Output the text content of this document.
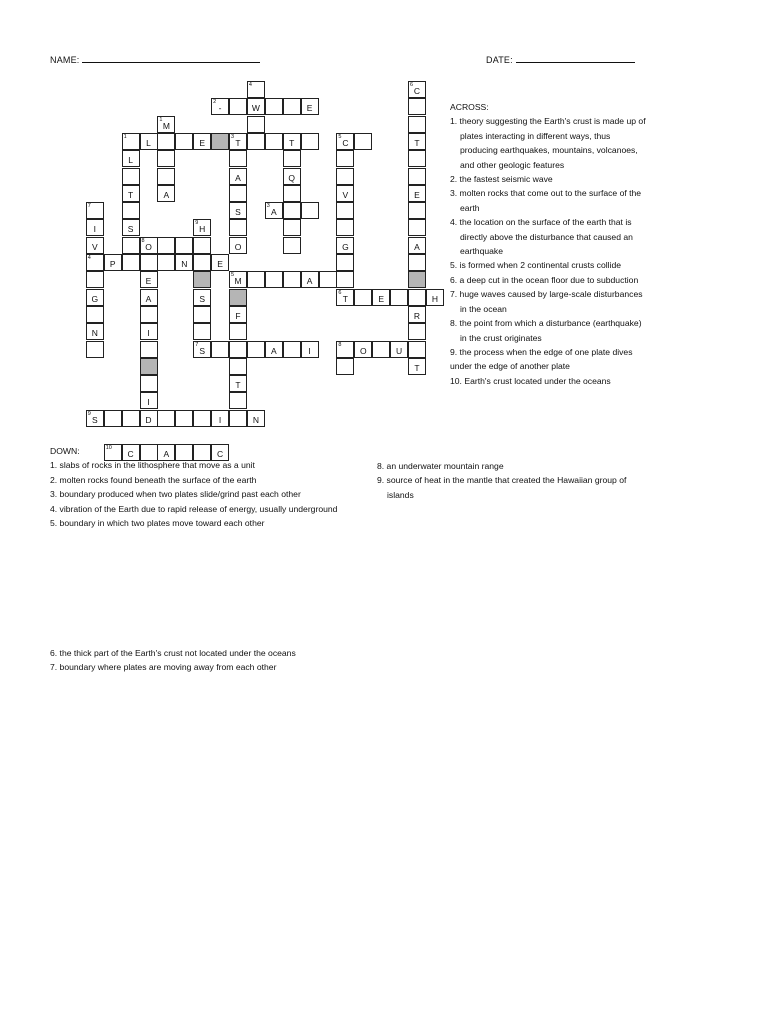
NAME:	DATE:
4	6
C
2
-	W	E
1
M
1
L	E
3
T	T
5
C	T
L
A	Q
T	A	V	E
7
S
3
A
I	S
9
H
V
8
O	O	G	A
4
P	N	E
E
5
M	A
G	A	S
6
T	E	H
F	R
N	I
7
S	A	I
8
O	U
T
T
I
9
S	D	I	N
10
C	A	C
ACROSS:
1. theory suggesting the Earth's crust is made up of
plates interacting in different ways, thus
producing earthquakes, mountains, volcanoes,
and other geologic features
2. the fastest seismic wave
3. molten rocks that come out to the surface of the
earth
4. the location on the surface of the earth that is
directly above the disturbance that caused an
earthquake
5. is formed when 2 continental crusts collide
6. a deep cut in the ocean floor due to subduction
7. huge waves caused by large-scale disturbances
in the ocean
8. the point from which a disturbance (earthquake)
in the crust originates
9. the process when the edge of one plate dives
under the edge of another plate
10. Earth's crust located under the oceans
DOWN:
1. slabs of rocks in the lithosphere that move as a unit
2. molten rocks found beneath the surface of the earth
3. boundary produced when two plates slide/grind past each other
4. vibration of the Earth due to rapid release of energy, usually underground
5. boundary in which two plates move toward each other
8. an underwater mountain range
9. source of heat in the mantle that created the Hawaiian group of
islands
6. the thick part of the Earth's crust not located under the oceans
7. boundary where plates are moving away from each other
